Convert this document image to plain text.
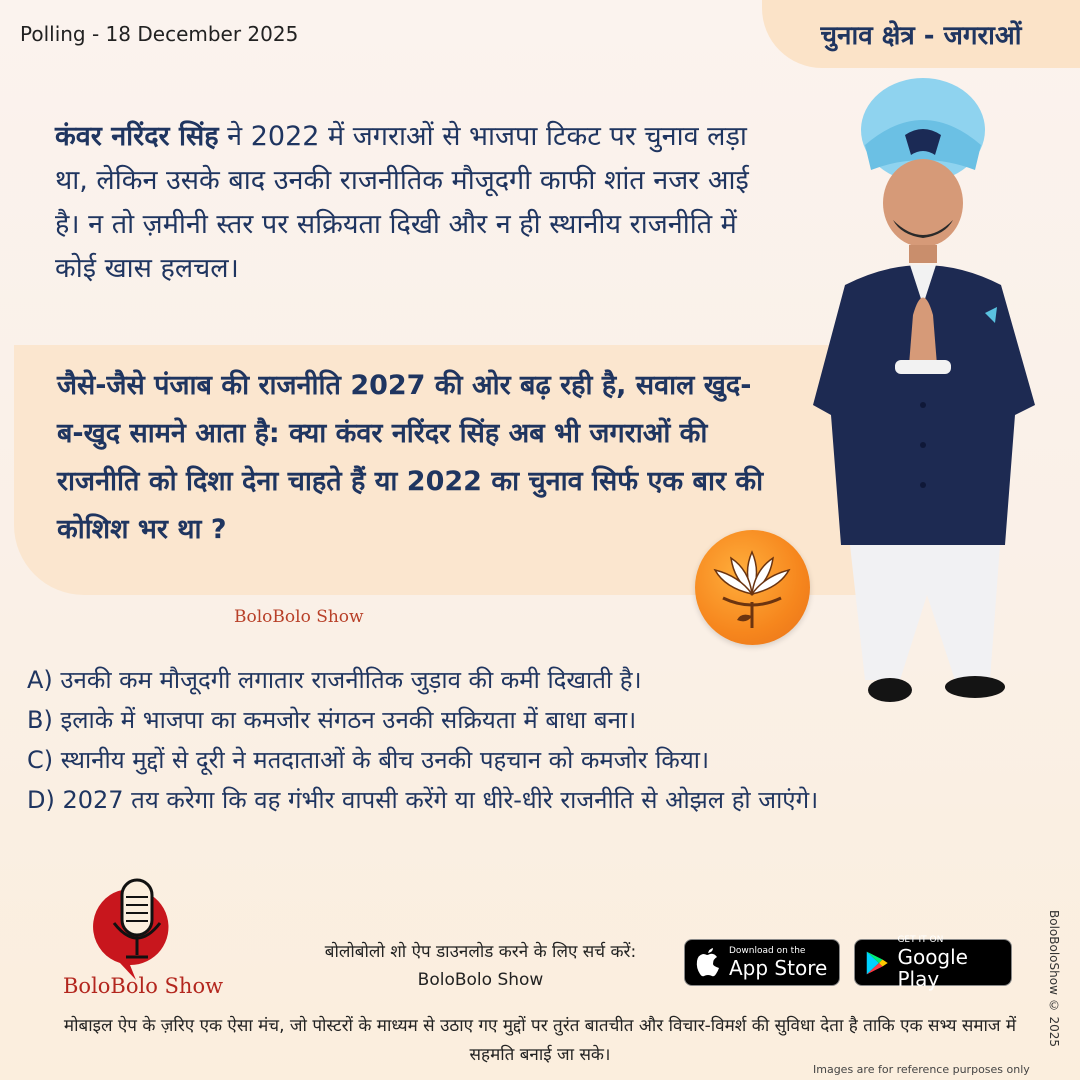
Polling - 18 December 2025	चुनाव क्षेत्र - जगराओं
कंवर नरिंदर सिंह ने 2022 में जगराओं से भाजपा टिकट पर चुनाव लड़ा था, लेकिन उसके बाद उनकी राजनीतिक मौजूदगी काफी शांत नजर आई है। न तो ज़मीनी स्तर पर सक्रियता दिखी और न ही स्थानीय राजनीति में कोई खास हलचल।
जैसे-जैसे पंजाब की राजनीति 2027 की ओर बढ़ रही है, सवाल खुद-ब-खुद सामने आता है: क्या कंवर नरिंदर सिंह अब भी जगराओं की राजनीति को दिशा देना चाहते हैं या 2022 का चुनाव सिर्फ एक बार की कोशिश भर था ?
BoloBolo Show
A) उनकी कम मौजूदगी लगातार राजनीतिक जुड़ाव की कमी दिखाती है।
B) इलाके में भाजपा का कमजोर संगठन उनकी सक्रियता में बाधा बना।
C) स्थानीय मुद्दों से दूरी ने मतदाताओं के बीच उनकी पहचान को कमजोर किया।
D) 2027 तय करेगा कि वह गंभीर वापसी करेंगे या धीरे-धीरे राजनीति से ओझल हो जाएंगे।
BoloBolo Show
बोलोबोलो शो ऐप डाउनलोड करने के लिए सर्च करें:
BoloBolo Show
Download on the
App Store
GET IT ON
Google Play	BoloBoloShow © 2025
मोबाइल ऐप के ज़रिए एक ऐसा मंच, जो पोस्टरों के माध्यम से उठाए गए मुद्दों पर तुरंत बातचीत और विचार-विमर्श की सुविधा देता है ताकि एक सभ्य समाज में सहमति बनाई जा सके।
Images are for reference purposes only
